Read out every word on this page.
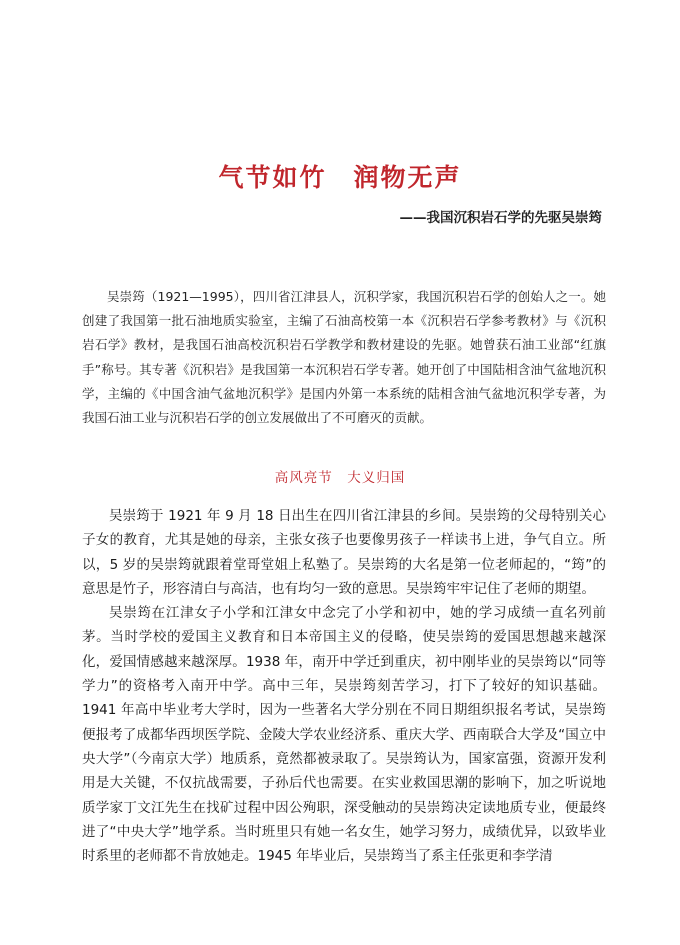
气节如竹　润物无声
——我国沉积岩石学的先驱吴崇筠

吴崇筠（1921—1995），四川省江津县人，沉积学家，我国沉积岩石学的创始人之一。她创建了我国第一批石油地质实验室，主编了石油高校第一本《沉积岩石学参考教材》与《沉积岩石学》教材，是我国石油高校沉积岩石学教学和教材建设的先驱。她曾获石油工业部“红旗手”称号。其专著《沉积岩》是我国第一本沉积岩石学专著。她开创了中国陆相含油气盆地沉积学，主编的《中国含油气盆地沉积学》是国内外第一本系统的陆相含油气盆地沉积学专著，为我国石油工业与沉积岩石学的创立发展做出了不可磨灭的贡献。

高风亮节　大义归国

吴崇筠于 1921 年 9 月 18 日出生在四川省江津县的乡间。吴崇筠的父母特别关心子女的教育，尤其是她的母亲，主张女孩子也要像男孩子一样读书上进，争气自立。所以，5 岁的吴崇筠就跟着堂哥堂姐上私塾了。吴崇筠的大名是第一位老师起的，“筠”的意思是竹子，形容清白与高洁，也有均匀一致的意思。吴崇筠牢牢记住了老师的期望。

吴崇筠在江津女子小学和江津女中念完了小学和初中，她的学习成绩一直名列前茅。当时学校的爱国主义教育和日本帝国主义的侵略，使吴崇筠的爱国思想越来越深化，爱国情感越来越深厚。1938 年，南开中学迁到重庆，初中刚毕业的吴崇筠以“同等学力”的资格考入南开中学。高中三年，吴崇筠刻苦学习，打下了较好的知识基础。1941 年高中毕业考大学时，因为一些著名大学分别在不同日期组织报名考试，吴崇筠便报考了成都华西坝医学院、金陵大学农业经济系、重庆大学、西南联合大学及“国立中央大学”（今南京大学）地质系，竟然都被录取了。吴崇筠认为，国家富强，资源开发利用是大关键，不仅抗战需要，子孙后代也需要。在实业救国思潮的影响下，加之听说地质学家丁文江先生在找矿过程中因公殉职，深受触动的吴崇筠决定读地质专业，便最终进了“中央大学”地学系。当时班里只有她一名女生，她学习努力，成绩优异，以致毕业时系里的老师都不肯放她走。1945 年毕业后，吴崇筠当了系主任张更和李学清
